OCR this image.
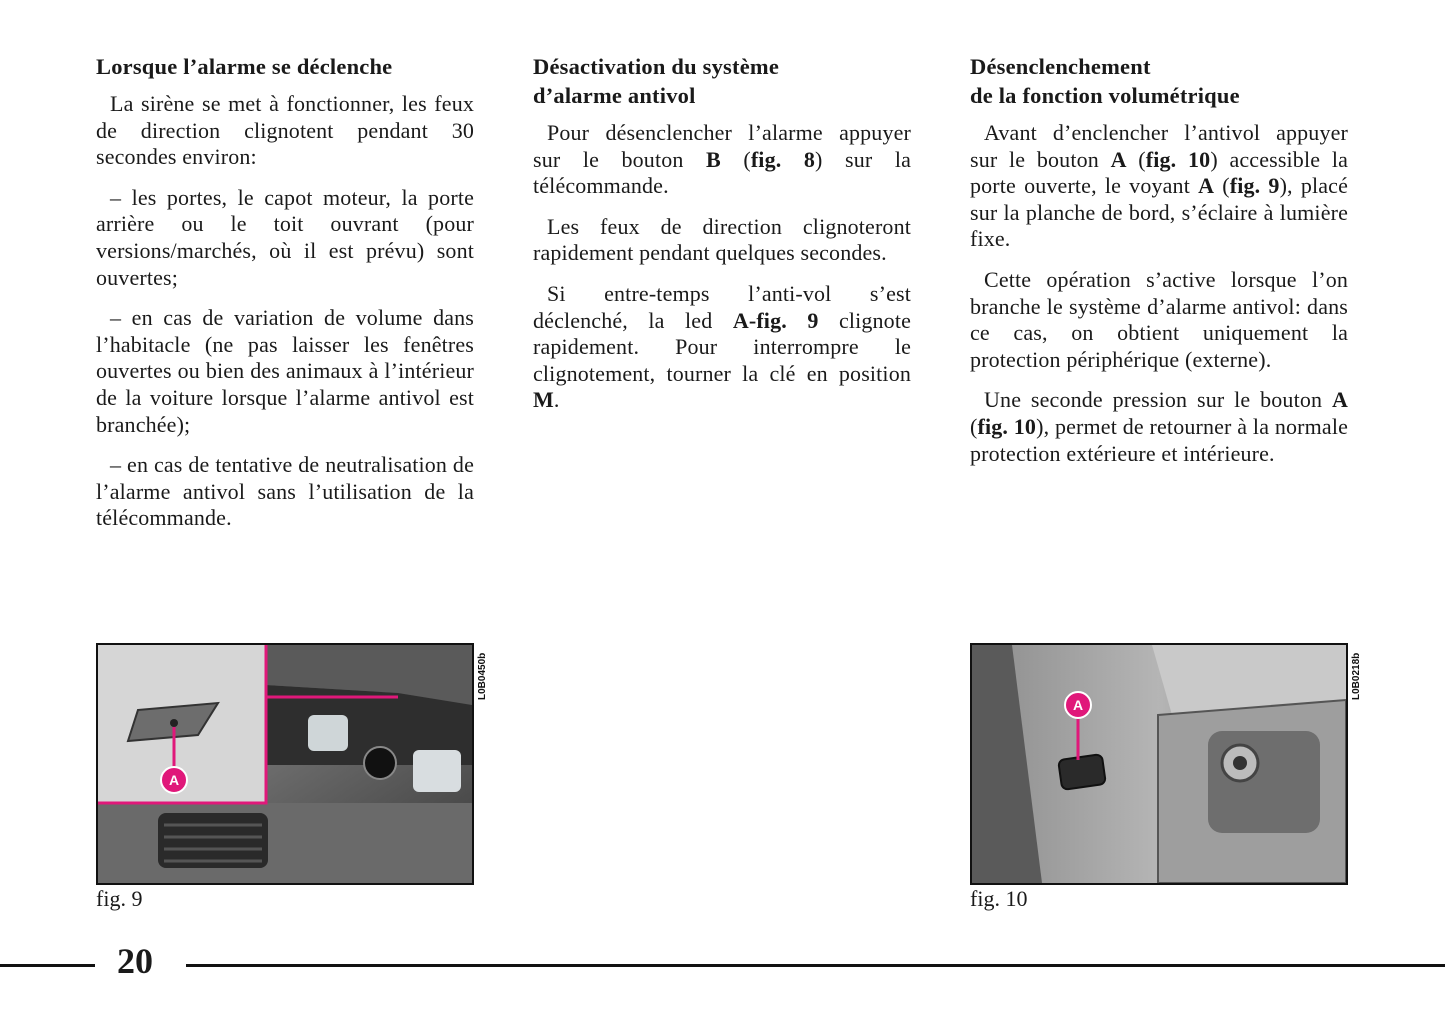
Lorsque l’alarme se déclenche

La sirène se met à fonctionner, les feux de direction clignotent pendant 30 secondes environ:

– les portes, le capot moteur, la porte arrière ou le toit ouvrant (pour versions/marchés, où il est prévu) sont ouvertes;

– en cas de variation de volume dans l’habitacle (ne pas laisser les fenêtres ouvertes ou bien des animaux à l’intérieur de la voiture lorsque l’alarme antivol est branchée);

– en cas de tentative de neutralisation de l’alarme antivol sans l’utilisation de la télécommande.

Désactivation du système
d’alarme antivol

Pour désenclencher l’alarme appuyer sur le bouton B (fig. 8) sur la télécommande.

Les feux de direction clignoteront rapidement pendant quelques secondes.

Si entre-temps l’anti-vol s’est déclenché, la led A-fig. 9 clignote rapidement. Pour interrompre le clignotement, tourner la clé en position M.

Désenclenchement
de la fonction volumétrique

Avant d’enclencher l’antivol appuyer sur le bouton A (fig. 10) accessible la porte ouverte, le voyant A (fig. 9), placé sur la planche de bord, s’éclaire à lumière fixe.

Cette opération s’active lorsque l’on branche le système d’alarme antivol: dans ce cas, on obtient uniquement la protection périphérique (externe).

Une seconde pression sur le bouton A (fig. 10), permet de retourner à la normale protection extérieure et intérieure.

A
L0B0450b
fig. 9
A
L0B0218b
fig. 10
20
